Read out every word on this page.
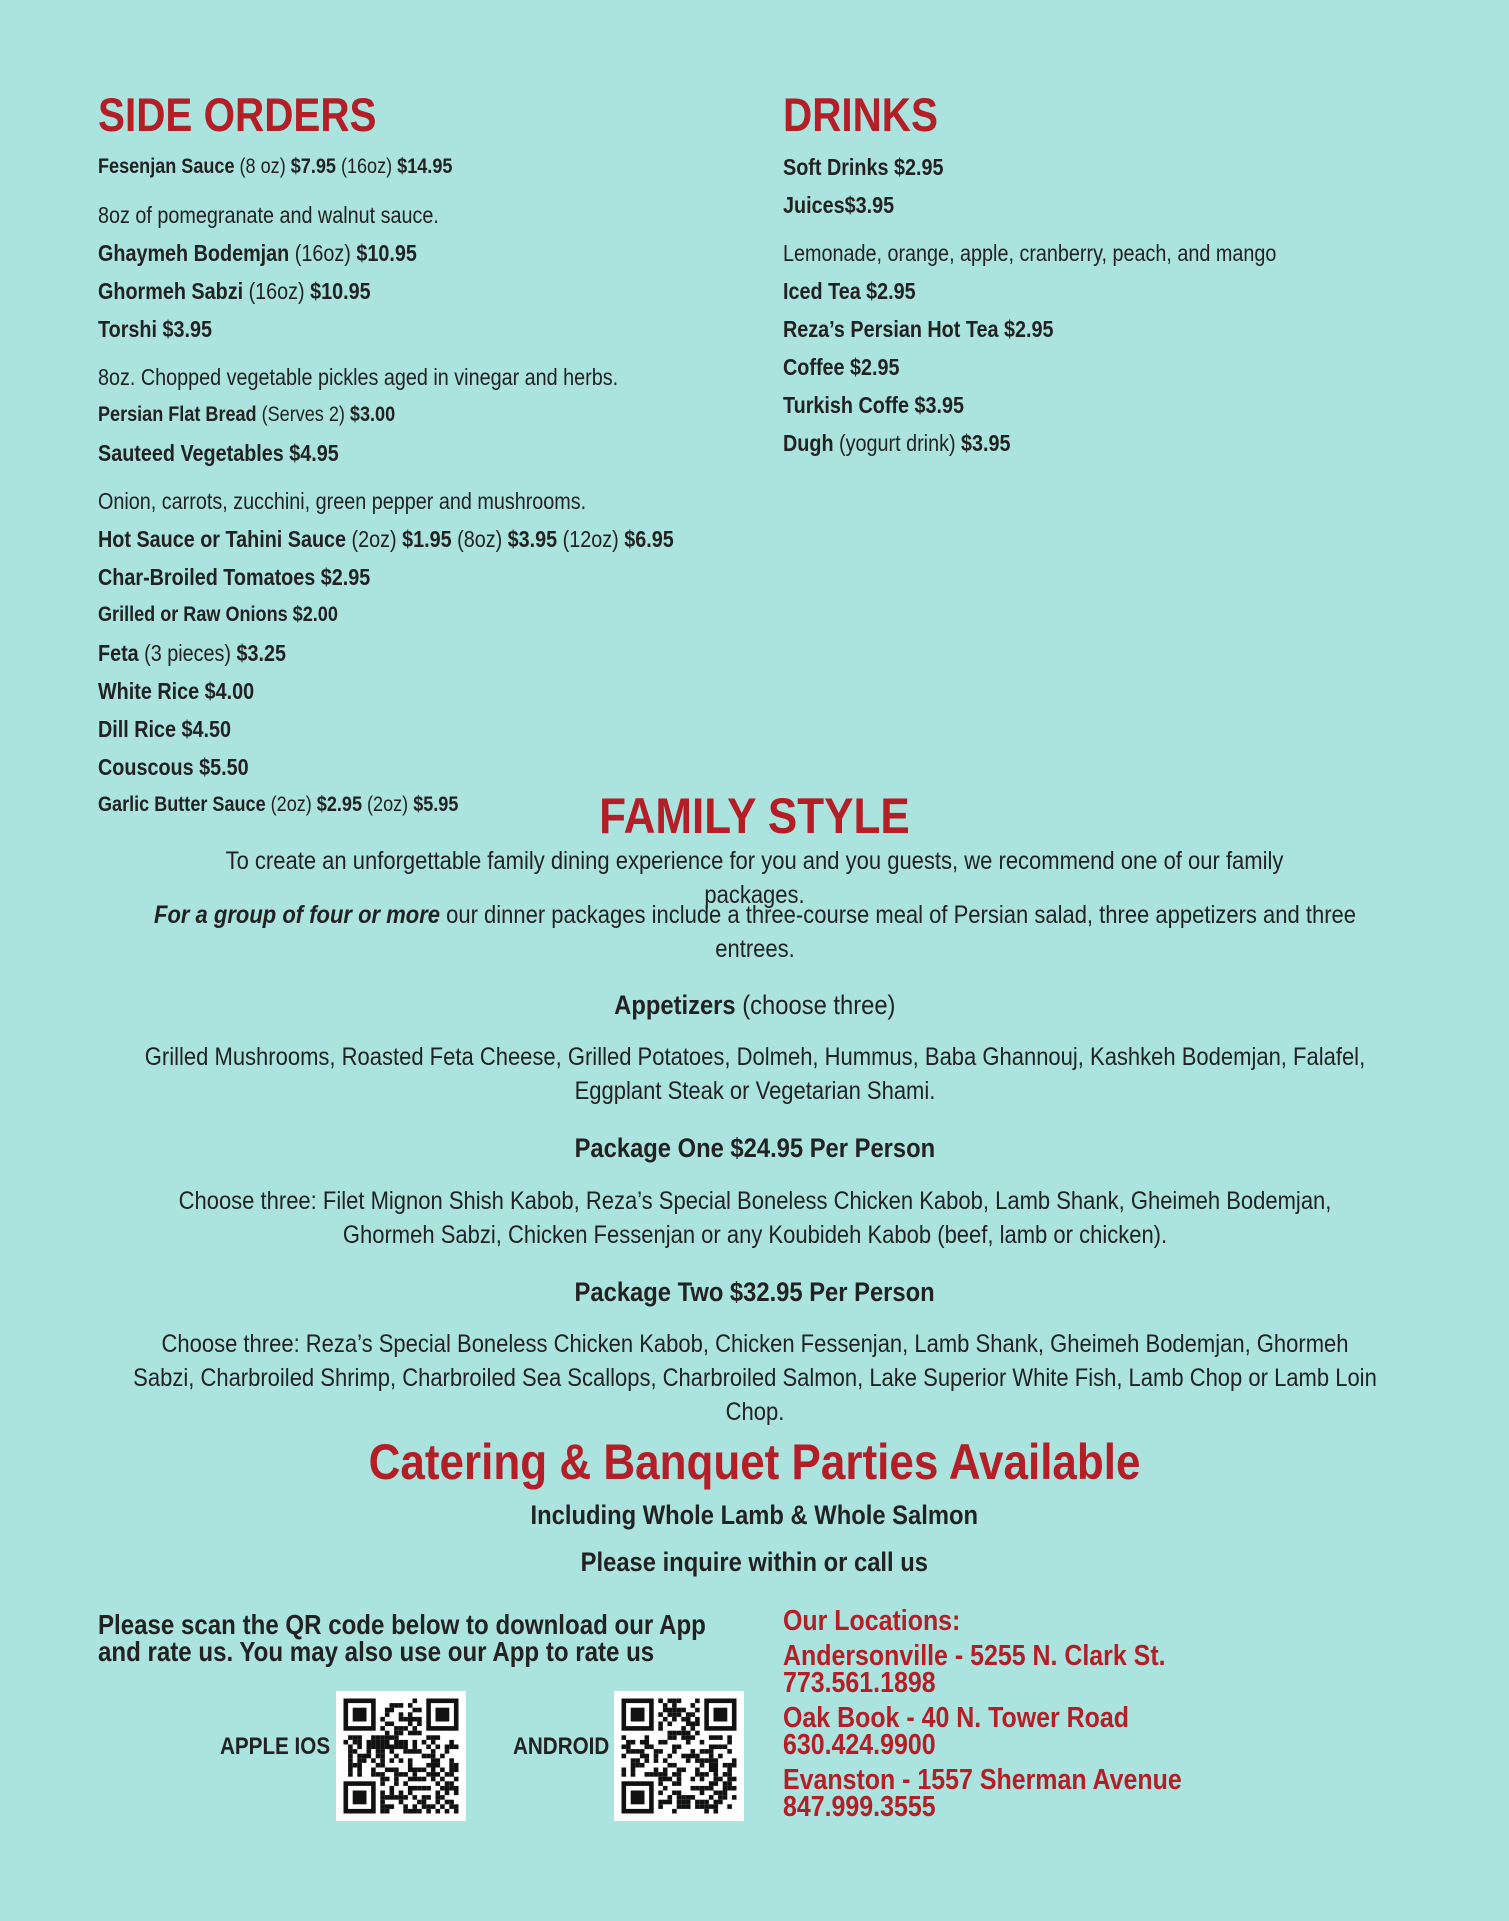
SIDE ORDERS
Fesenjan Sauce (8 oz) $7.95 (16oz) $14.95

8oz of pomegranate and walnut sauce.
Ghaymeh Bodemjan (16oz) $10.95
Ghormeh Sabzi (16oz) $10.95
Torshi $3.95

8oz. Chopped vegetable pickles aged in vinegar and herbs.
Persian Flat Bread (Serves 2) $3.00
Sauteed Vegetables $4.95

Onion, carrots, zucchini, green pepper and mushrooms.
Hot Sauce or Tahini Sauce (2oz) $1.95 (8oz) $3.95 (12oz) $6.95
Char-Broiled Tomatoes $2.95
Grilled or Raw Onions $2.00
Feta (3 pieces) $3.25
White Rice $4.00
Dill Rice $4.50
Couscous $5.50
Garlic Butter Sauce (2oz) $2.95 (2oz) $5.95
DRINKS
Soft Drinks $2.95
Juices$3.95

Lemonade, orange, apple, cranberry, peach, and mango
Iced Tea $2.95
Reza’s Persian Hot Tea $2.95
Coffee $2.95
Turkish Coffe $3.95
Dugh (yogurt drink) $3.95
FAMILY STYLE
To create an unforgettable family dining experience for you and you guests, we recommend one of our family packages.
For a group of four or more our dinner packages include a three-course meal of Persian salad, three appetizers and three entrees.
Appetizers (choose three)
Grilled Mushrooms, Roasted Feta Cheese, Grilled Potatoes, Dolmeh, Hummus, Baba Ghannouj, Kashkeh Bodemjan, Falafel, Eggplant Steak or Vegetarian Shami.
Package One $24.95 Per Person
Choose three: Filet Mignon Shish Kabob, Reza’s Special Boneless Chicken Kabob, Lamb Shank, Gheimeh Bodemjan, Ghormeh Sabzi, Chicken Fessenjan or any Koubideh Kabob (beef, lamb or chicken).
Package Two $32.95 Per Person
Choose three: Reza’s Special Boneless Chicken Kabob, Chicken Fessenjan, Lamb Shank, Gheimeh Bodemjan, Ghormeh Sabzi, Charbroiled Shrimp, Charbroiled Sea Scallops, Charbroiled Salmon, Lake Superior White Fish, Lamb Chop or Lamb Loin Chop.
Catering & Banquet Parties Available
Including Whole Lamb & Whole Salmon
Please inquire within or call us
Please scan the QR code below to download our App and rate us. You may also use our App to rate us
APPLE IOS	ANDROID
Our Locations:
Andersonville - 5255 N. Clark St.
773.561.1898
Oak Book - 40 N. Tower Road
630.424.9900
Evanston - 1557 Sherman Avenue
847.999.3555
